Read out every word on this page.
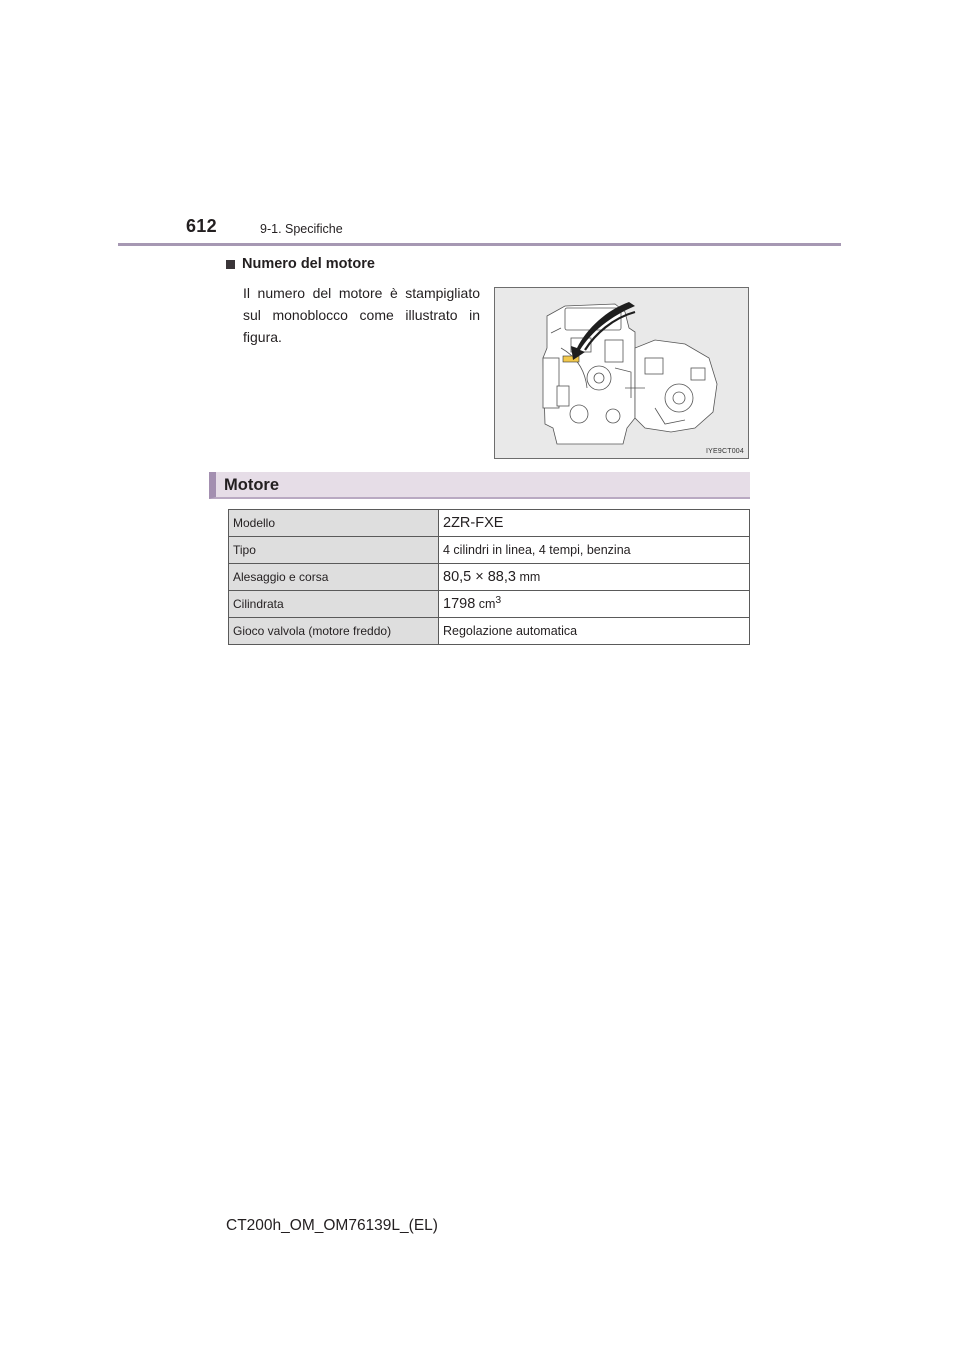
612	9-1. Specifiche
Numero del motore
Il numero del motore è stampigliato sul monoblocco come illustrato in figura.
IYE9CT004
Motore
Modello	2ZR-FXE
Tipo	4 cilindri in linea, 4 tempi, benzina
Alesaggio e corsa	80,5 × 88,3 mm
Cilindrata	1798 $cm^3$
Gioco valvola (motore freddo)	Regolazione automatica
CT200h_OM_OM76139L_(EL)
